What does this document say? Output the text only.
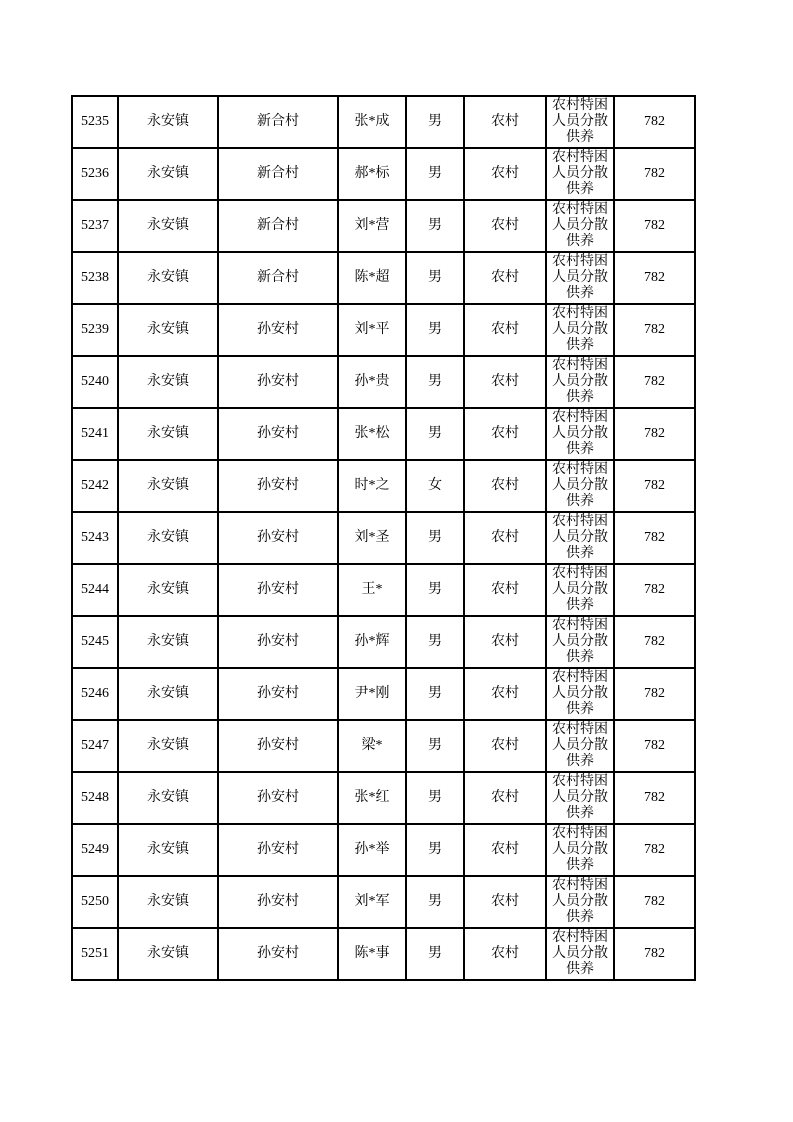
5235	永安镇	新合村	张*成	男	农村	农村特困人员分散供养	782
5236	永安镇	新合村	郝*标	男	农村	农村特困人员分散供养	782
5237	永安镇	新合村	刘*营	男	农村	农村特困人员分散供养	782
5238	永安镇	新合村	陈*超	男	农村	农村特困人员分散供养	782
5239	永安镇	孙安村	刘*平	男	农村	农村特困人员分散供养	782
5240	永安镇	孙安村	孙*贵	男	农村	农村特困人员分散供养	782
5241	永安镇	孙安村	张*松	男	农村	农村特困人员分散供养	782
5242	永安镇	孙安村	时*之	女	农村	农村特困人员分散供养	782
5243	永安镇	孙安村	刘*圣	男	农村	农村特困人员分散供养	782
5244	永安镇	孙安村	王*	男	农村	农村特困人员分散供养	782
5245	永安镇	孙安村	孙*辉	男	农村	农村特困人员分散供养	782
5246	永安镇	孙安村	尹*刚	男	农村	农村特困人员分散供养	782
5247	永安镇	孙安村	梁*	男	农村	农村特困人员分散供养	782
5248	永安镇	孙安村	张*红	男	农村	农村特困人员分散供养	782
5249	永安镇	孙安村	孙*举	男	农村	农村特困人员分散供养	782
5250	永安镇	孙安村	刘*军	男	农村	农村特困人员分散供养	782
5251	永安镇	孙安村	陈*事	男	农村	农村特困人员分散供养	782
